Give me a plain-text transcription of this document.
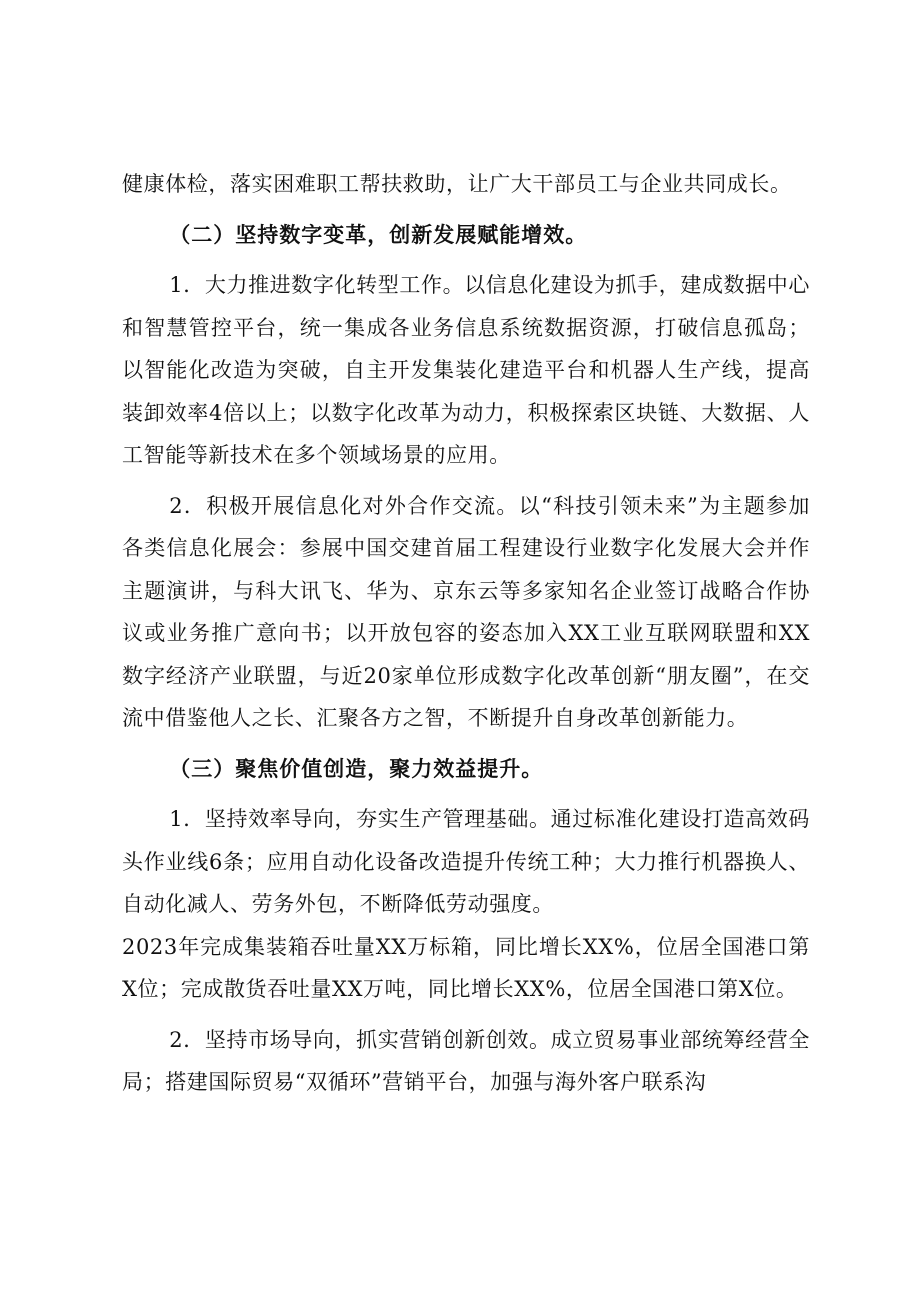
健康体检，落实困难职工帮扶救助，让广大干部员工与企业共同成长。

（二）坚持数字变革，创新发展赋能增效。

1．大力推进数字化转型工作。以信息化建设为抓手，建成数据中心和智慧管控平台，统一集成各业务信息系统数据资源，打破信息孤岛；以智能化改造为突破，自主开发集装化建造平台和机器人生产线，提高装卸效率4倍以上；以数字化改革为动力，积极探索区块链、大数据、人工智能等新技术在多个领域场景的应用。

2．积极开展信息化对外合作交流。以“科技引领未来”为主题参加各类信息化展会：参展中国交建首届工程建设行业数字化发展大会并作主题演讲，与科大讯飞、华为、京东云等多家知名企业签订战略合作协议或业务推广意向书；以开放包容的姿态加入XX工业互联网联盟和XX数字经济产业联盟，与近20家单位形成数字化改革创新“朋友圈”，在交流中借鉴他人之长、汇聚各方之智，不断提升自身改革创新能力。

（三）聚焦价值创造，聚力效益提升。

1．坚持效率导向，夯实生产管理基础。通过标准化建设打造高效码头作业线6条；应用自动化设备改造提升传统工种；大力推行机器换人、自动化减人、劳务外包，不断降低劳动强度。

2023年完成集装箱吞吐量XX万标箱，同比增长XX%，位居全国港口第X位；完成散货吞吐量XX万吨，同比增长XX%，位居全国港口第X位。

2．坚持市场导向，抓实营销创新创效。成立贸易事业部统筹经营全局；搭建国际贸易“双循环”营销平台，加强与海外客户联系沟
